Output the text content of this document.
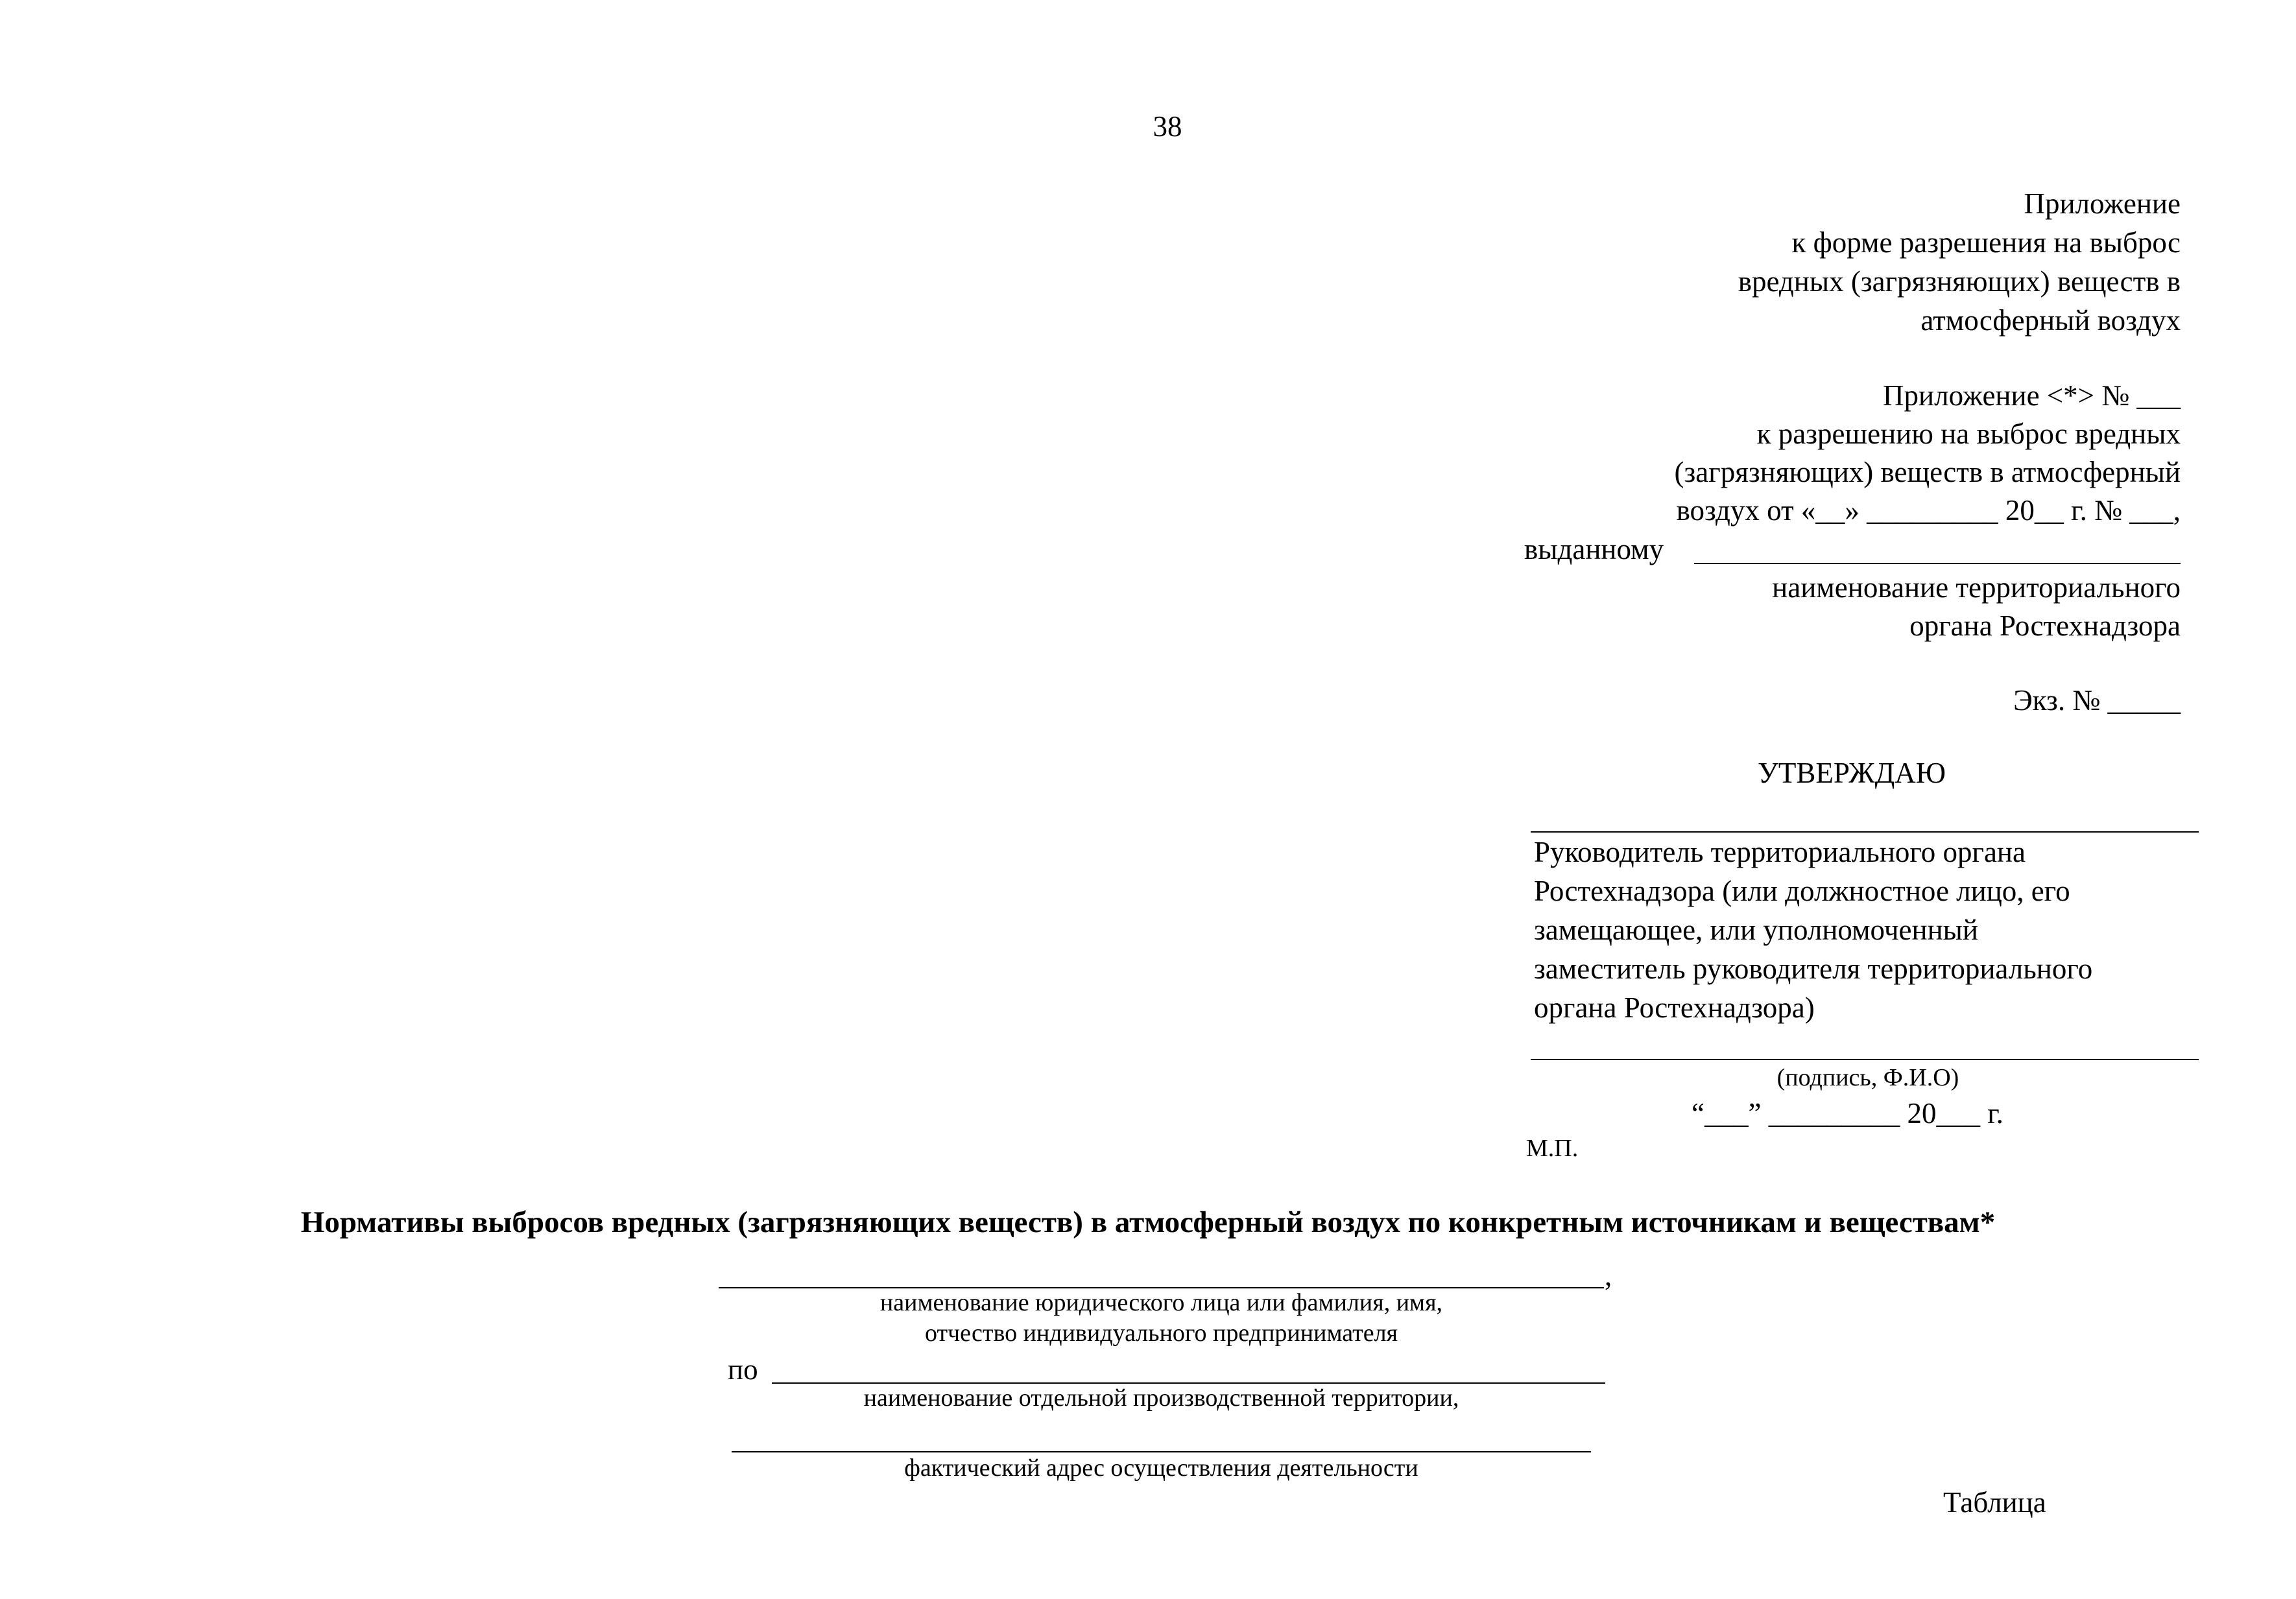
38
Приложение
к форме разрешения на выброс
вредных (загрязняющих) веществ в
атмосферный воздух
Приложение <*> № ___
к разрешению на выброс вредных
(загрязняющих) веществ в атмосферный
воздух от «__» _________ 20__ г. № ___,
выданному
наименование территориального
органа Ростехнадзора
Экз. № _____
УТВЕРЖДАЮ
Руководитель территориального органа
Ростехнадзора (или должностное лицо, его
замещающее, или уполномоченный
заместитель руководителя территориального
органа Ростехнадзора)
(подпись, Ф.И.О)
“___” _________ 20___ г.
М.П.
Нормативы выбросов вредных (загрязняющих веществ) в атмосферный воздух по конкретным источникам и веществам*
,
наименование юридического лица или фамилия, имя,
отчество индивидуального предпринимателя
по
наименование отдельной производственной территории,
фактический адрес осуществления деятельности
Таблица
